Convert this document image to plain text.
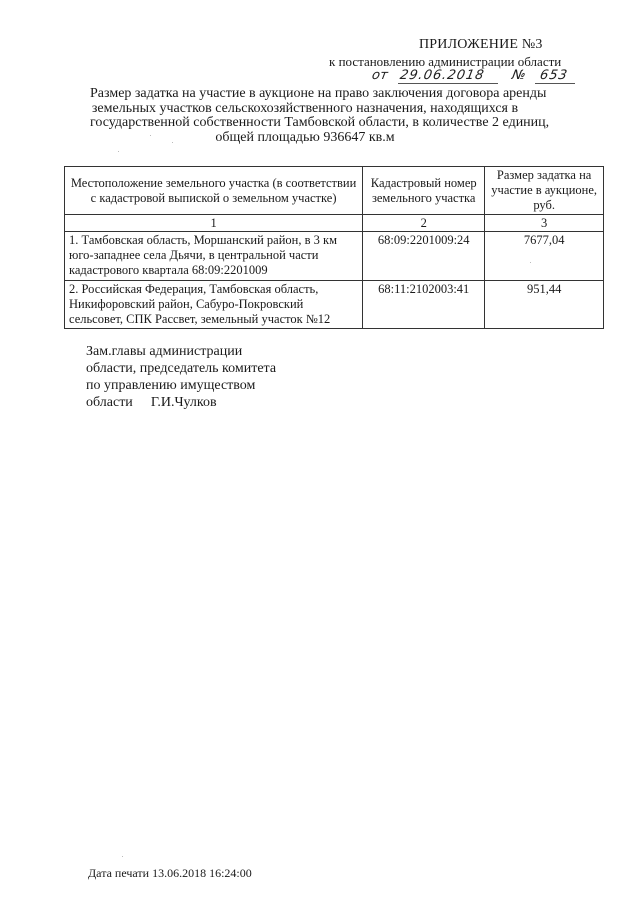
ПРИЛОЖЕНИЕ №3
к постановлению администрации области
от 29.06.2018 № 653
Размер задатка на участие в аукционе на право заключения договора аренды
земельных участков сельскохозяйственного назначения, находящихся в
государственной собственности Тамбовской области, в количестве 2 единиц,
общей площадью 936647 кв.м
Местоположение земельного участка (в соответствии с кадастровой выпиской о земельном участке)	Кадастровый номер земельного участка	Размер задатка на участие в аукционе, руб.
1	2	3
1. Тамбовская область, Моршанский район, в 3 км юго-западнее села Дьячи, в центральной части кадастрового квартала 68:09:2201009	68:09:2201009:24	7677,04
2. Российская Федерация, Тамбовская область, Никифоровский район, Сабуро-Покровский сельсовет, СПК Рассвет, земельный участок №12	68:11:2102003:41	951,44
Зам.главы администрации
области, председатель комитета
по управлению имуществом
области Г.И.Чулков
Дата печати 13.06.2018 16:24:00
